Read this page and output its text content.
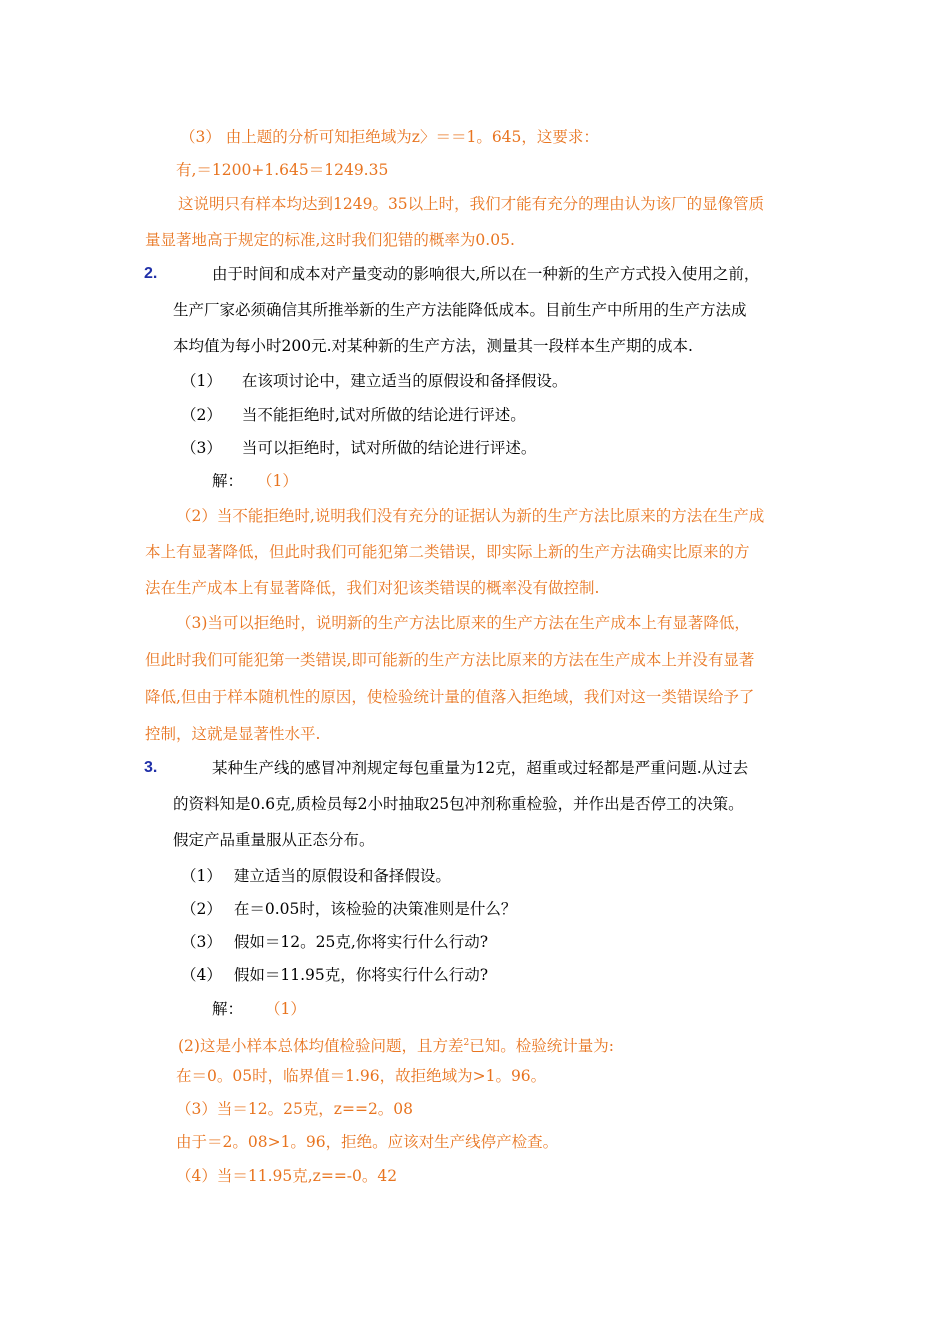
（3） 由上题的分析可知拒绝域为z〉＝＝1。645，这要求：
有,＝1200+1.645＝1249.35
这说明只有样本均达到1249。35以上时，我们才能有充分的理由认为该厂的显像管质
量显著地高于规定的标准,这时我们犯错的概率为0.05.
2.	由于时间和成本对产量变动的影响很大,所以在一种新的生产方式投入使用之前，
生产厂家必须确信其所推举新的生产方法能降低成本。目前生产中所用的生产方法成
本均值为每小时200元.对某种新的生产方法，测量其一段样本生产期的成本.
（1） 在该项讨论中，建立适当的原假设和备择假设。
（2） 当不能拒绝时,试对所做的结论进行评述。
（3） 当可以拒绝时，试对所做的结论进行评述。
解： （1）
（2）当不能拒绝时,说明我们没有充分的证据认为新的生产方法比原来的方法在生产成
本上有显著降低，但此时我们可能犯第二类错误，即实际上新的生产方法确实比原来的方
法在生产成本上有显著降低，我们对犯该类错误的概率没有做控制.
（3)当可以拒绝时，说明新的生产方法比原来的生产方法在生产成本上有显著降低，
但此时我们可能犯第一类错误,即可能新的生产方法比原来的方法在生产成本上并没有显著
降低,但由于样本随机性的原因，使检验统计量的值落入拒绝域，我们对这一类错误给予了
控制，这就是显著性水平.
3.	某种生产线的感冒冲剂规定每包重量为12克，超重或过轻都是严重问题.从过去
的资料知是0.6克,质检员每2小时抽取25包冲剂称重检验，并作出是否停工的决策。
假定产品重量服从正态分布。
（1） 建立适当的原假设和备择假设。
（2） 在＝0.05时，该检验的决策准则是什么？
（3） 假如＝12。25克,你将实行什么行动?
（4） 假如＝11.95克，你将实行什么行动?
解： （1）
(2)这是小样本总体均值检验问题，且方差$^2$已知。检验统计量为:
在＝0。05时，临界值＝1.96，故拒绝域为>1。96。
（3）当＝12。25克，z==2。08
由于＝2。08>1。96，拒绝。应该对生产线停产检查。
（4）当＝11.95克,z==-0。42
